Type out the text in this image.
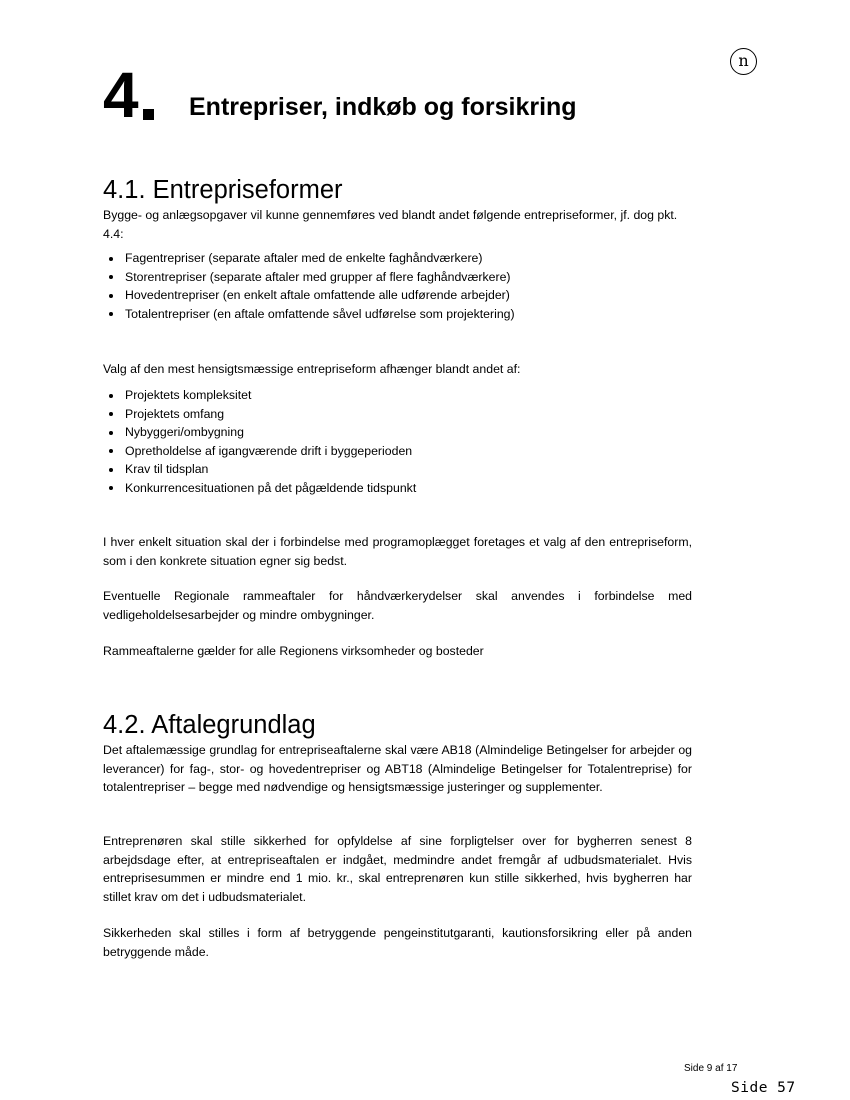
n
4 Entrepriser, indkøb og forsikring
4.1. Entrepriseformer

Bygge- og anlægsopgaver vil kunne gennemføres ved blandt andet følgende entrepriseformer, jf. dog pkt. 4.4:

Fagentrepriser (separate aftaler med de enkelte faghåndværkere)
Storentrepriser (separate aftaler med grupper af flere faghåndværkere)
Hovedentrepriser (en enkelt aftale omfattende alle udførende arbejder)
Totalentrepriser (en aftale omfattende såvel udførelse som projektering)

Valg af den mest hensigtsmæssige entrepriseform afhænger blandt andet af:

Projektets kompleksitet
Projektets omfang
Nybyggeri/ombygning
Opretholdelse af igangværende drift i byggeperioden
Krav til tidsplan
Konkurrencesituationen på det pågældende tidspunkt

I hver enkelt situation skal der i forbindelse med programoplægget foretages et valg af den entrepriseform, som i den konkrete situation egner sig bedst.

Eventuelle Regionale rammeaftaler for håndværkerydelser skal anvendes i forbindelse med vedligeholdelsesarbejder og mindre ombygninger.

Rammeaftalerne gælder for alle Regionens virksomheder og bosteder

4.2. Aftalegrundlag

Det aftalemæssige grundlag for entrepriseaftalerne skal være AB18 (Almindelige Betingelser for arbejder og leverancer) for fag-, stor- og hovedentrepriser og ABT18 (Almindelige Betingelser for Totalentreprise) for totalentrepriser – begge med nødvendige og hensigtsmæssige justeringer og supplementer.

Entreprenøren skal stille sikkerhed for opfyldelse af sine forpligtelser over for bygherren senest 8 arbejdsdage efter, at entrepriseaftalen er indgået, medmindre andet fremgår af udbudsmaterialet. Hvis entreprisesummen er mindre end 1 mio. kr., skal entreprenøren kun stille sikkerhed, hvis bygherren har stillet krav om det i udbudsmaterialet.

Sikkerheden skal stilles i form af betryggende pengeinstitutgaranti, kautionsforsikring eller på anden betryggende måde.

Side 9 af 17
Side 57
